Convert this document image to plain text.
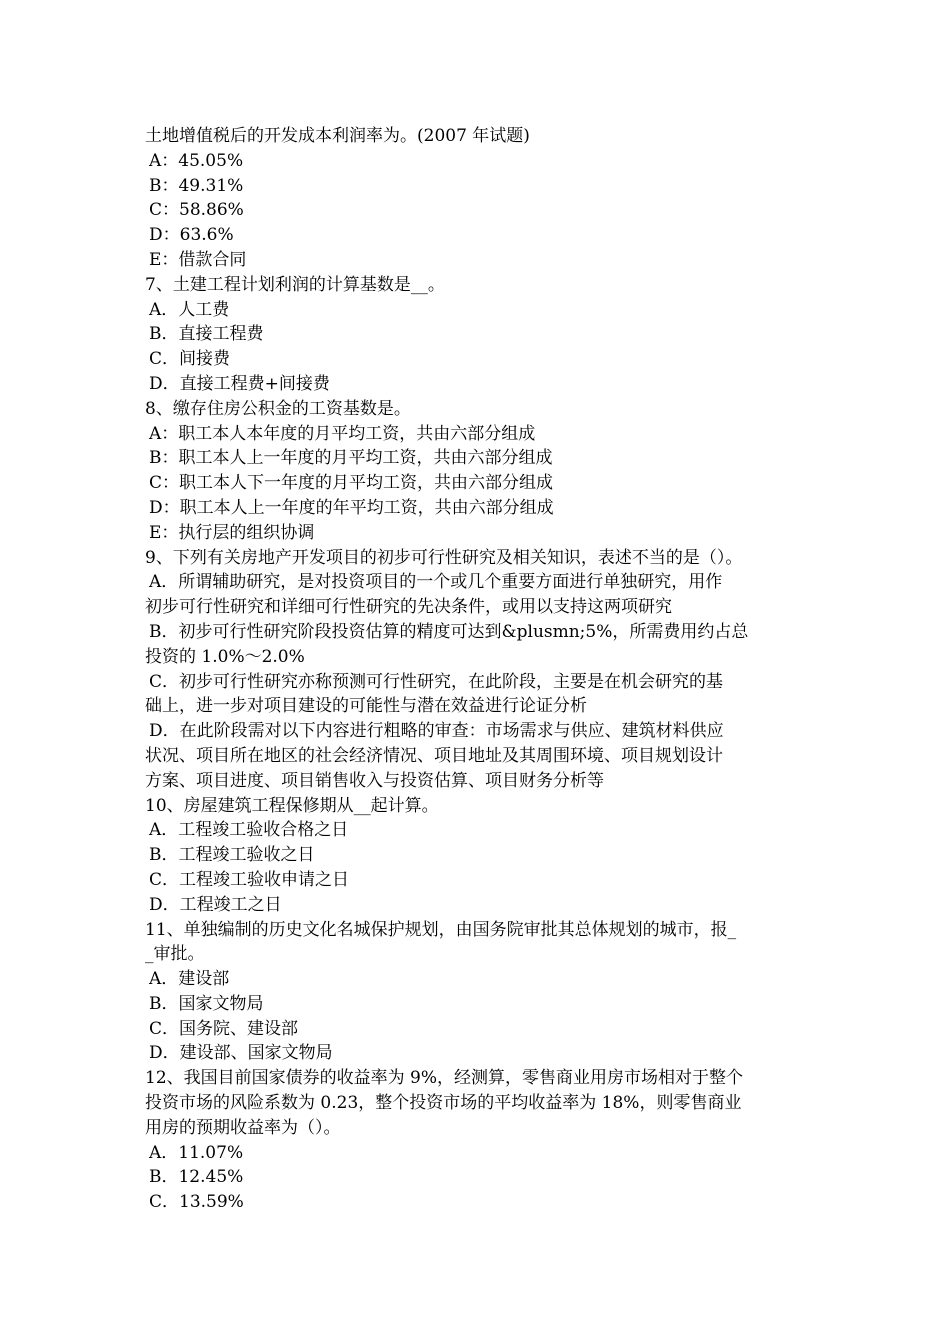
土地增值税后的开发成本利润率为。(2007 年试题)
A：45.05%
B：49.31%
C：58.86%
D：63.6%
E：借款合同
7、土建工程计划利润的计算基数是__。
A．人工费
B．直接工程费
C．间接费
D．直接工程费+间接费
8、缴存住房公积金的工资基数是。
A：职工本人本年度的月平均工资，共由六部分组成
B：职工本人上一年度的月平均工资，共由六部分组成
C：职工本人下一年度的月平均工资，共由六部分组成
D：职工本人上一年度的年平均工资，共由六部分组成
E：执行层的组织协调
9、下列有关房地产开发项目的初步可行性研究及相关知识，表述不当的是（）。
A．所谓辅助研究，是对投资项目的一个或几个重要方面进行单独研究，用作
初步可行性研究和详细可行性研究的先决条件，或用以支持这两项研究
B．初步可行性研究阶段投资估算的精度可达到&plusmn;5%，所需费用约占总
投资的 1.0%～2.0%
C．初步可行性研究亦称预测可行性研究，在此阶段，主要是在机会研究的基
础上，进一步对项目建设的可能性与潜在效益进行论证分析
D．在此阶段需对以下内容进行粗略的审查：市场需求与供应、建筑材料供应
状况、项目所在地区的社会经济情况、项目地址及其周围环境、项目规划设计
方案、项目进度、项目销售收入与投资估算、项目财务分析等
10、房屋建筑工程保修期从__起计算。
A．工程竣工验收合格之日
B．工程竣工验收之日
C．工程竣工验收申请之日
D．工程竣工之日
11、单独编制的历史文化名城保护规划，由国务院审批其总体规划的城市，报_
_审批。
A．建设部
B．国家文物局
C．国务院、建设部
D．建设部、国家文物局
12、我国目前国家债券的收益率为 9%，经测算，零售商业用房市场相对于整个
投资市场的风险系数为 0.23，整个投资市场的平均收益率为 18%，则零售商业
用房的预期收益率为（）。
A．11.07%
B．12.45%
C．13.59%
